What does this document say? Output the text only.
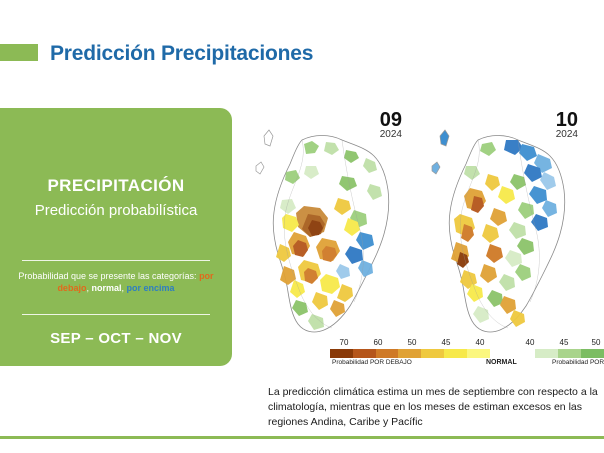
Predicción Precipitaciones
PRECIPITACIÓN
Predicción probabilística
Probabilidad que se presente las categorías: por debajo, normal, por encima
SEP – OCT – NOV
09
2024
10
2024
70	60	50	45	40	40	45	50
Probabilidad POR DEBAJO	NORMAL	Probabilidad POR
La predicción climática estima un mes de septiembre con respecto a la climatología, mientras que en los meses de estiman excesos en las regiones Andina, Caribe y Pacífic
